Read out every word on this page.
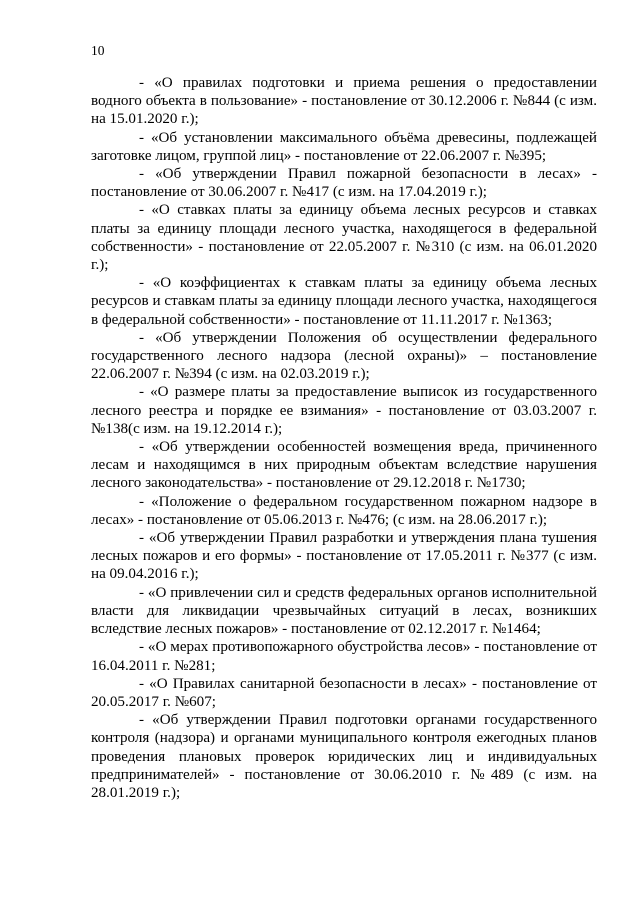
10

- «О правилах подготовки и приема решения о предоставлении водного объекта в пользование» - постановление от 30.12.2006 г. №844 (с изм. на 15.01.2020 г.);

- «Об установлении максимального объёма древесины, подлежащей заготовке лицом, группой лиц» - постановление от 22.06.2007 г. №395;

- «Об утверждении Правил пожарной безопасности в лесах» - постановление от 30.06.2007 г. №417 (с изм. на 17.04.2019 г.);

- «О ставках платы за единицу объема лесных ресурсов и ставках платы за единицу площади лесного участка, находящегося в федеральной собственности» - постановление от 22.05.2007 г. №310 (с изм. на 06.01.2020 г.);

- «О коэффициентах к ставкам платы за единицу объема лесных ресурсов и ставкам платы за единицу площади лесного участка, находящегося в федеральной собственности» - постановление от 11.11.2017 г. №1363;

- «Об утверждении Положения об осуществлении федерального государственного лесного надзора (лесной охраны)» – постановление 22.06.2007 г. №394 (с изм. на 02.03.2019 г.);

- «О размере платы за предоставление выписок из государственного лесного реестра и порядке ее взимания» - постановление от 03.03.2007 г. №138(с изм. на 19.12.2014 г.);

- «Об утверждении особенностей возмещения вреда, причиненного лесам и находящимся в них природным объектам вследствие нарушения лесного законодательства» - постановление от 29.12.2018 г. №1730;

- «Положение о федеральном государственном пожарном надзоре в лесах» - постановление от 05.06.2013 г. №476; (с изм. на 28.06.2017 г.);

- «Об утверждении Правил разработки и утверждения плана тушения лесных пожаров и его формы» - постановление от 17.05.2011 г. №377 (с изм. на 09.04.2016 г.);

- «О привлечении сил и средств федеральных органов исполнительной власти для ликвидации чрезвычайных ситуаций в лесах, возникших вследствие лесных пожаров» - постановление от 02.12.2017 г. №1464;

- «О мерах противопожарного обустройства лесов» - постановление от 16.04.2011 г. №281;

- «О Правилах санитарной безопасности в лесах» - постановление от 20.05.2017 г. №607;

- «Об утверждении Правил подготовки органами государственного контроля (надзора) и органами муниципального контроля ежегодных планов проведения плановых проверок юридических лиц и индивидуальных предпринимателей» - постановление от 30.06.2010 г. №489 (с изм. на 28.01.2019 г.);
